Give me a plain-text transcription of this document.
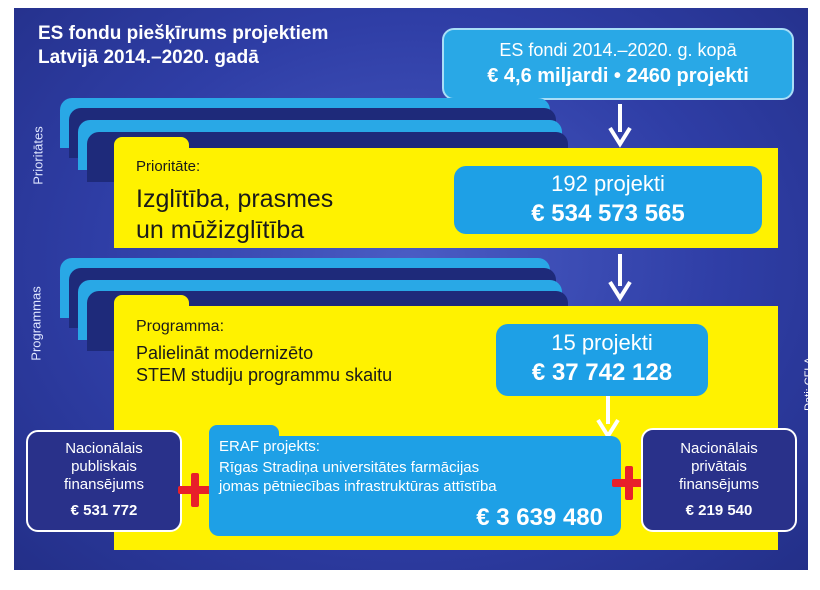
ES fondu piešķīrums projektiem
Latvijā 2014.–2020. gadā	ES fondi 2014.–2020. g. kopā
€ 4,6 miljardi • 2460 projekti
Prioritātes	Prioritāte:
Izglītība, prasmes
un mūžizglītība
192 projekti
€ 534 573 565
Programmas	Programma:
Palielināt modernizēto
STEM studiju programmu skaitu
15 projekti
€ 37 742 128	Dati: CFLA
Nacionālais
publiskais
finansējums
€ 531 772
ERAF projekts:
Rīgas Stradiņa universitātes farmācijas
jomas pētniecības infrastruktūras attīstība
€ 3 639 480
Nacionālais
privātais
finansējums
€ 219 540
